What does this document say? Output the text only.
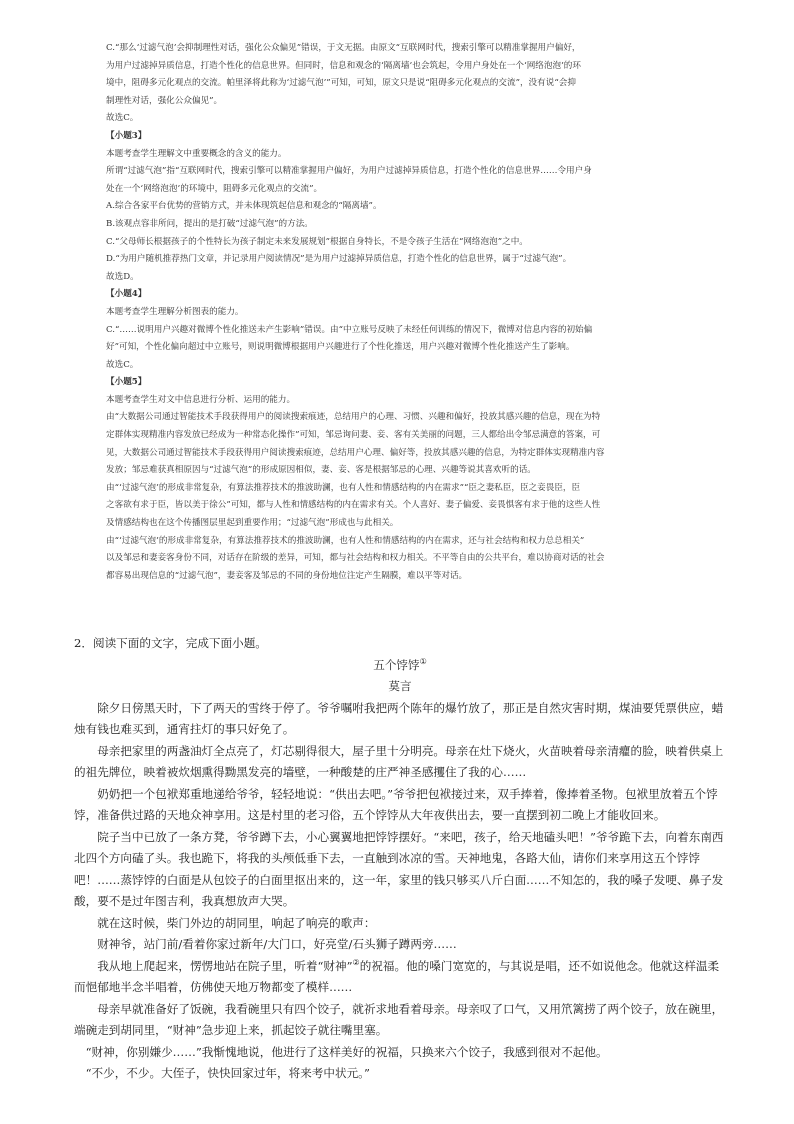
C.“那么‘过滤气泡’会抑制理性对话，强化公众偏见”错误，于文无据。由原文“互联网时代，搜索引擎可以精准掌握用户偏好，

为用户过滤掉异质信息，打造个性化的信息世界。但同时，信息和观念的‘隔离墙’也会筑起，令用户身处在一个‘网络泡泡’的环

境中，阻碍多元化观点的交流。帕里泽将此称为‘过滤气泡’”可知，可知，原文只是说“阻碍多元化观点的交流”，没有说“会抑

制理性对话，强化公众偏见”。

故选C。

【小题3】

本题考查学生理解文中重要概念的含义的能力。

所谓“过滤气泡”指“互联网时代，搜索引擎可以精准掌握用户偏好，为用户过滤掉异质信息，打造个性化的信息世界……令用户身

处在一个‘网络泡泡’的环境中，阻碍多元化观点的交流”。

A.综合各家平台优势的营销方式，并未体现筑起信息和观念的“隔离墙”。

B.该观点容非所问，提出的是打破“过滤气泡”的方法。

C.“父母师长根据孩子的个性特长为孩子制定未来发展规划”根据自身特长，不是令孩子生活在“网络泡泡”之中。

D.“为用户随机推荐热门文章，并记录用户阅读情况”是为用户过滤掉异质信息，打造个性化的信息世界，属于“过滤气泡”。

故选D。

【小题4】

本题考查学生理解分析图表的能力。

C.“……说明用户兴趣对微博个性化推送未产生影响”错误。由“中立账号反映了未经任何训练的情况下，微博对信息内容的初始偏

好”可知，个性化偏向超过中立账号，则说明微博根据用户兴趣进行了个性化推送，用户兴趣对微博个性化推送产生了影响。

故选C。

【小题5】

本题考查学生对文中信息进行分析、运用的能力。

由“大数据公司通过智能技术手段获得用户的阅读搜索痕迹，总结用户的心理、习惯、兴趣和偏好，投放其感兴趣的信息，现在为特

定群体实现精准内容发放已经成为一种常态化操作”可知，邹忌询问妻、妾、客有关美丽的问题，三人都给出令邹忌满意的答案，可

见，大数据公司通过智能技术手段获得用户阅读搜索痕迹，总结用户心理、偏好等，投放其感兴趣的信息，为特定群体实现精准内容

发放；邹忌难获真相原因与“过滤气泡”的形成原因相似，妻、妾、客是根据邹忌的心理、兴趣等说其喜欢听的话。

由“‘过滤气泡’的形成非常复杂，有算法推荐技术的推波助澜，也有人性和情感结构的内在需求”“臣之妻私臣，臣之妾畏臣，臣

之客欲有求于臣，皆以美于徐公”可知，都与人性和情感结构的内在需求有关。个人喜好、妻子偏爱、妾畏惧客有求于他的这些人性

及情感结构也在这个传播图层里起到重要作用；“过滤气泡”形成也与此相关。

由“‘过滤气泡’的形成非常复杂，有算法推荐技术的推波助澜，也有人性和情感结构的内在需求，还与社会结构和权力总总相关”

以及邹忌和妻妾客身份不同，对话存在阶级的差异，可知，都与社会结构和权力相关。不平等自由的公共平台，难以协商对话的社会

都容易出现信息的“过滤气泡”，妻妾客及邹忌的不同的身份地位注定产生隔膜，难以平等对话。

2．阅读下面的文字，完成下面小题。

五个饽饽①

莫言

除夕日傍黑天时，下了两天的雪终于停了。爷爷嘱咐我把两个陈年的爆竹放了，那正是自然灾害时期，煤油要凭票供应，蜡烛有钱也难买到，通宵拄灯的事只好免了。

母亲把家里的两盏油灯全点亮了，灯芯剔得很大，屋子里十分明亮。母亲在灶下烧火，火苗映着母亲清癯的脸，映着供桌上的祖先牌位，映着被炊烟熏得黝黑发亮的墙壁，一种酸楚的庄严神圣感攫住了我的心……

奶奶把一个包袱郑重地递给爷爷，轻轻地说：“供出去吧。”爷爷把包袱接过来，双手捧着，像捧着圣物。包袱里放着五个饽饽，准备供过路的天地众神享用。这是村里的老习俗，五个饽饽从大年夜供出去，要一直摆到初二晚上才能收回来。

院子当中已放了一条方凳，爷爷蹲下去，小心翼翼地把饽饽摆好。“来吧，孩子，给天地磕头吧！”爷爷跪下去，向着东南西北四个方向磕了头。我也跪下，将我的头颅低垂下去，一直触到冰凉的雪。天神地鬼，各路大仙，请你们来享用这五个饽饽吧！……蒸饽饽的白面是从包饺子的白面里抠出来的，这一年，家里的钱只够买八斤白面……不知怎的，我的嗓子发哽、鼻子发酸，要不是过年图吉利，我真想放声大哭。

就在这时候，柴门外边的胡同里，响起了响亮的歌声：

财神爷，站门前/看着你家过新年/大门口，好亮堂/石头狮子蹲两旁……

我从地上爬起来，愣愣地站在院子里，听着“财神”②的祝福。他的嗓门宽宽的，与其说是唱，还不如说他念。他就这样温柔而悒郁地半念半唱着，仿佛使天地万物都变了模样……

母亲早就准备好了饭碗，我看碗里只有四个饺子，就祈求地看着母亲。母亲叹了口气，又用笊篱捞了两个饺子，放在碗里，端碗走到胡同里，“财神”急步迎上来，抓起饺子就往嘴里塞。

“财神，你别嫌少……”我惭愧地说，他进行了这样美好的祝福，只换来六个饺子，我感到很对不起他。

“不少，不少。大侄子，快快回家过年，将来考中状元。”
